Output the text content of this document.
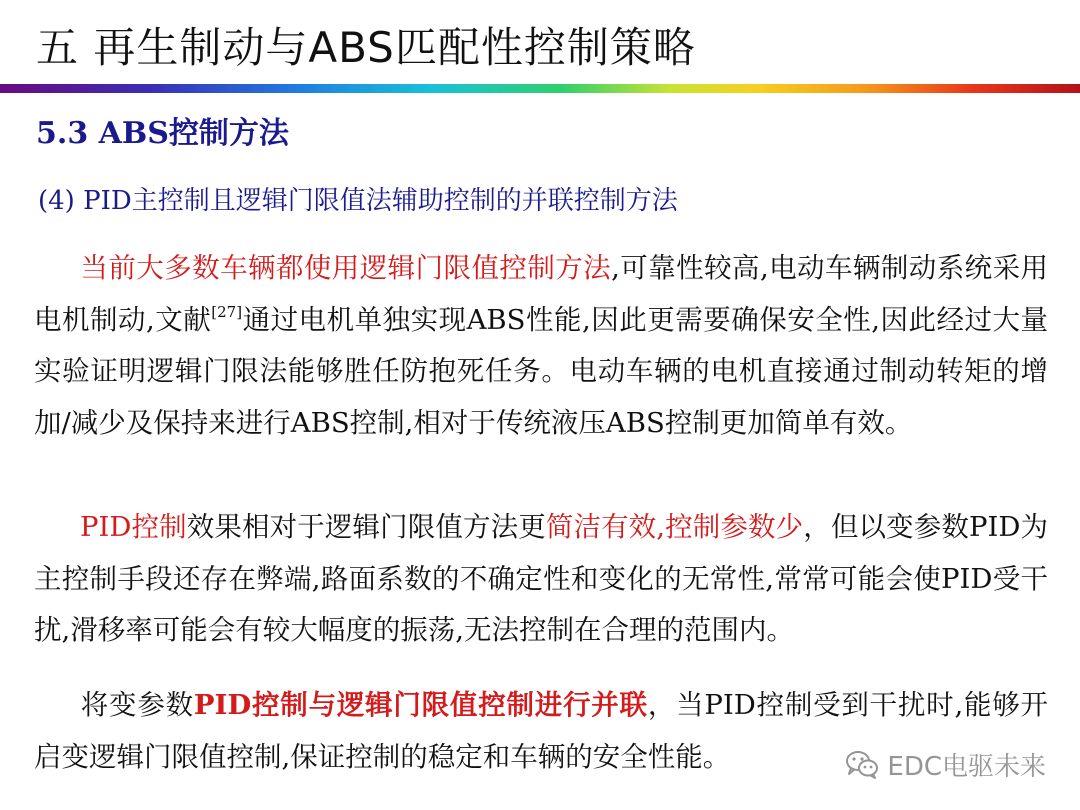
五 再生制动与ABS匹配性控制策略
5.3 ABS控制方法
(4) PID主控制且逻辑门限值法辅助控制的并联控制方法

当前大多数车辆都使用逻辑门限值控制方法,可靠性较高,电动车辆制动系统采用电机制动,文献[27]通过电机单独实现ABS性能,因此更需要确保安全性,因此经过大量实验证明逻辑门限法能够胜任防抱死任务。电动车辆的电机直接通过制动转矩的增加/减少及保持来进行ABS控制,相对于传统液压ABS控制更加简单有效。

PID控制效果相对于逻辑门限值方法更简洁有效,控制参数少，但以变参数PID为主控制手段还存在弊端,路面系数的不确定性和变化的无常性,常常可能会使PID受干扰,滑移率可能会有较大幅度的振荡,无法控制在合理的范围内。

将变参数PID控制与逻辑门限值控制进行并联，当PID控制受到干扰时,能够开启变逻辑门限值控制,保证控制的稳定和车辆的安全性能。	EDC电驱未来
